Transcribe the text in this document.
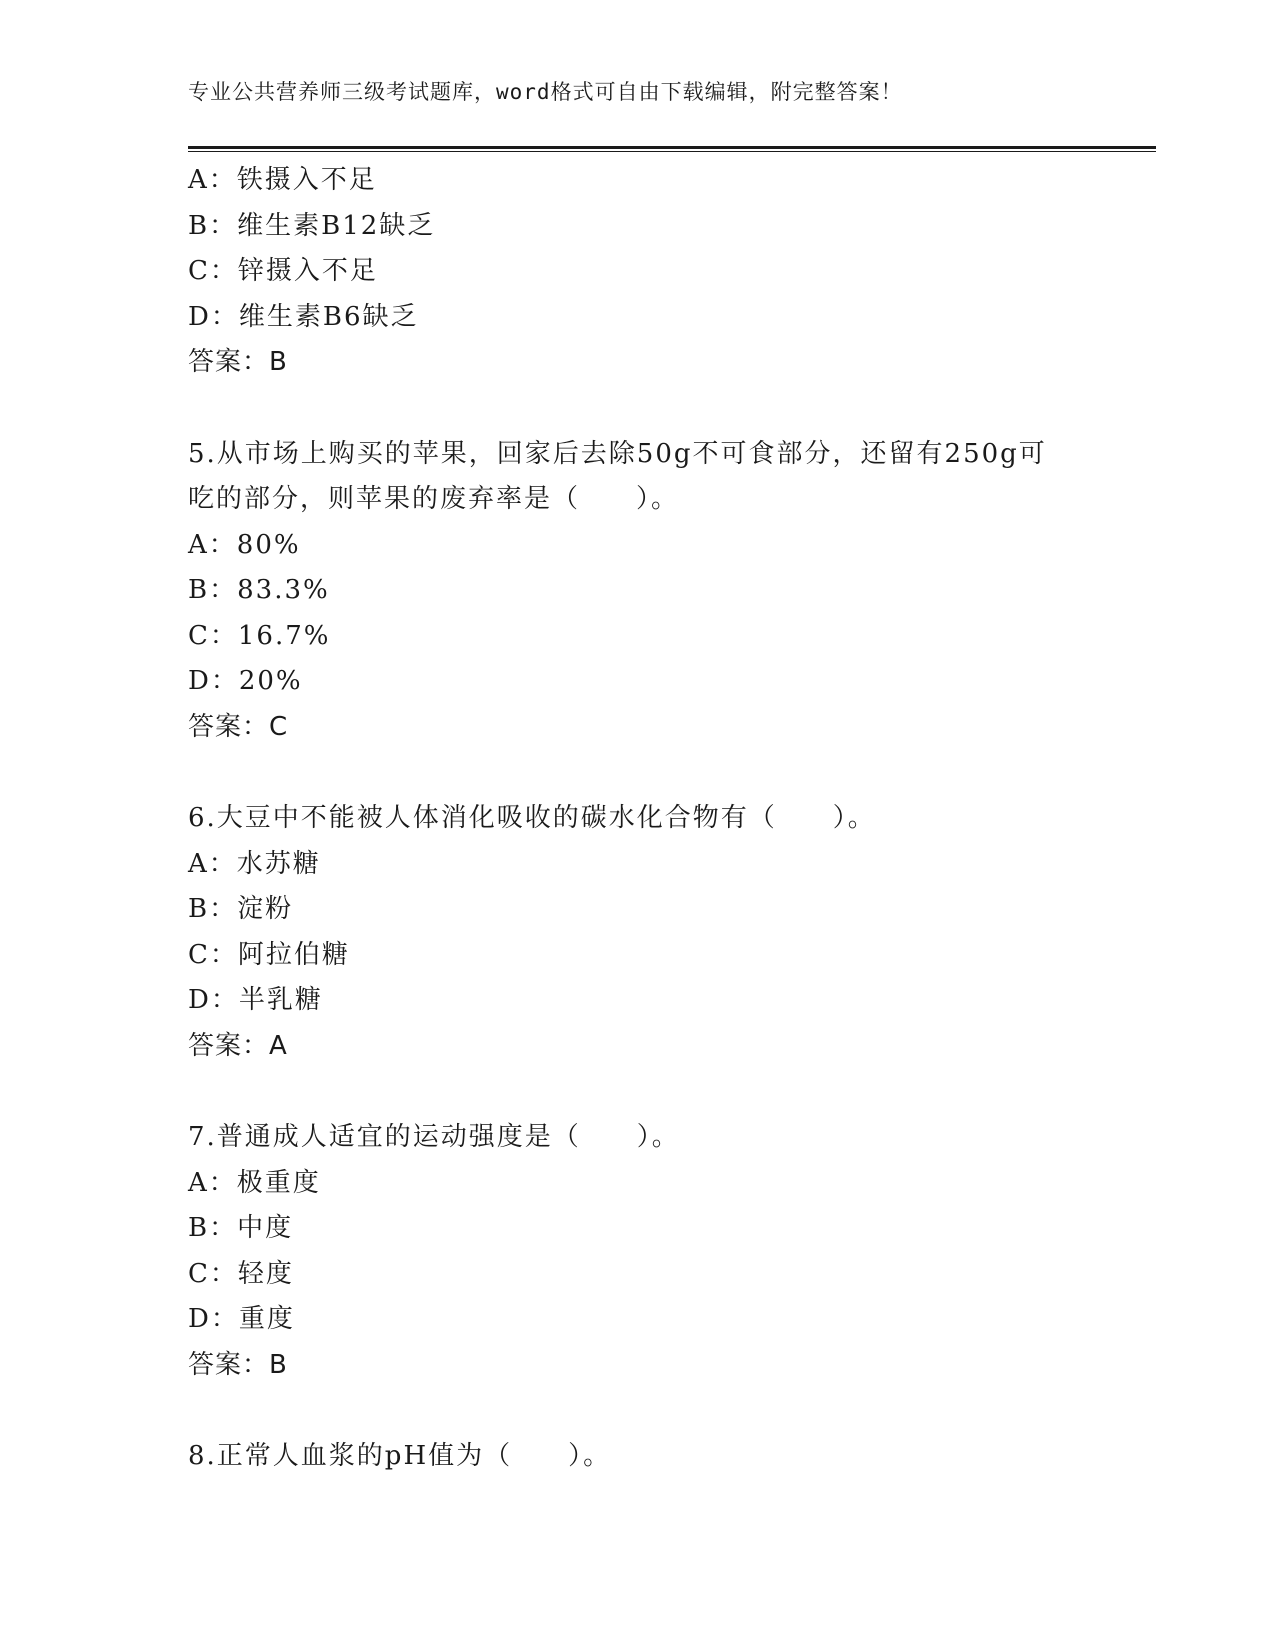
专业公共营养师三级考试题库，word格式可自由下载编辑，附完整答案！
A：铁摄入不足
B：维生素B12缺乏
C：锌摄入不足
D：维生素B6缺乏
答案：B
5.从市场上购买的苹果，回家后去除50g不可食部分，还留有250g可吃的部分，则苹果的废弃率是（　　）。
A：80%
B：83.3%
C：16.7%
D：20%
答案：C
6.大豆中不能被人体消化吸收的碳水化合物有（　　）。
A：水苏糖
B：淀粉
C：阿拉伯糖
D：半乳糖
答案：A
7.普通成人适宜的运动强度是（　　）。
A：极重度
B：中度
C：轻度
D：重度
答案：B
8.正常人血浆的pH值为（　　）。
